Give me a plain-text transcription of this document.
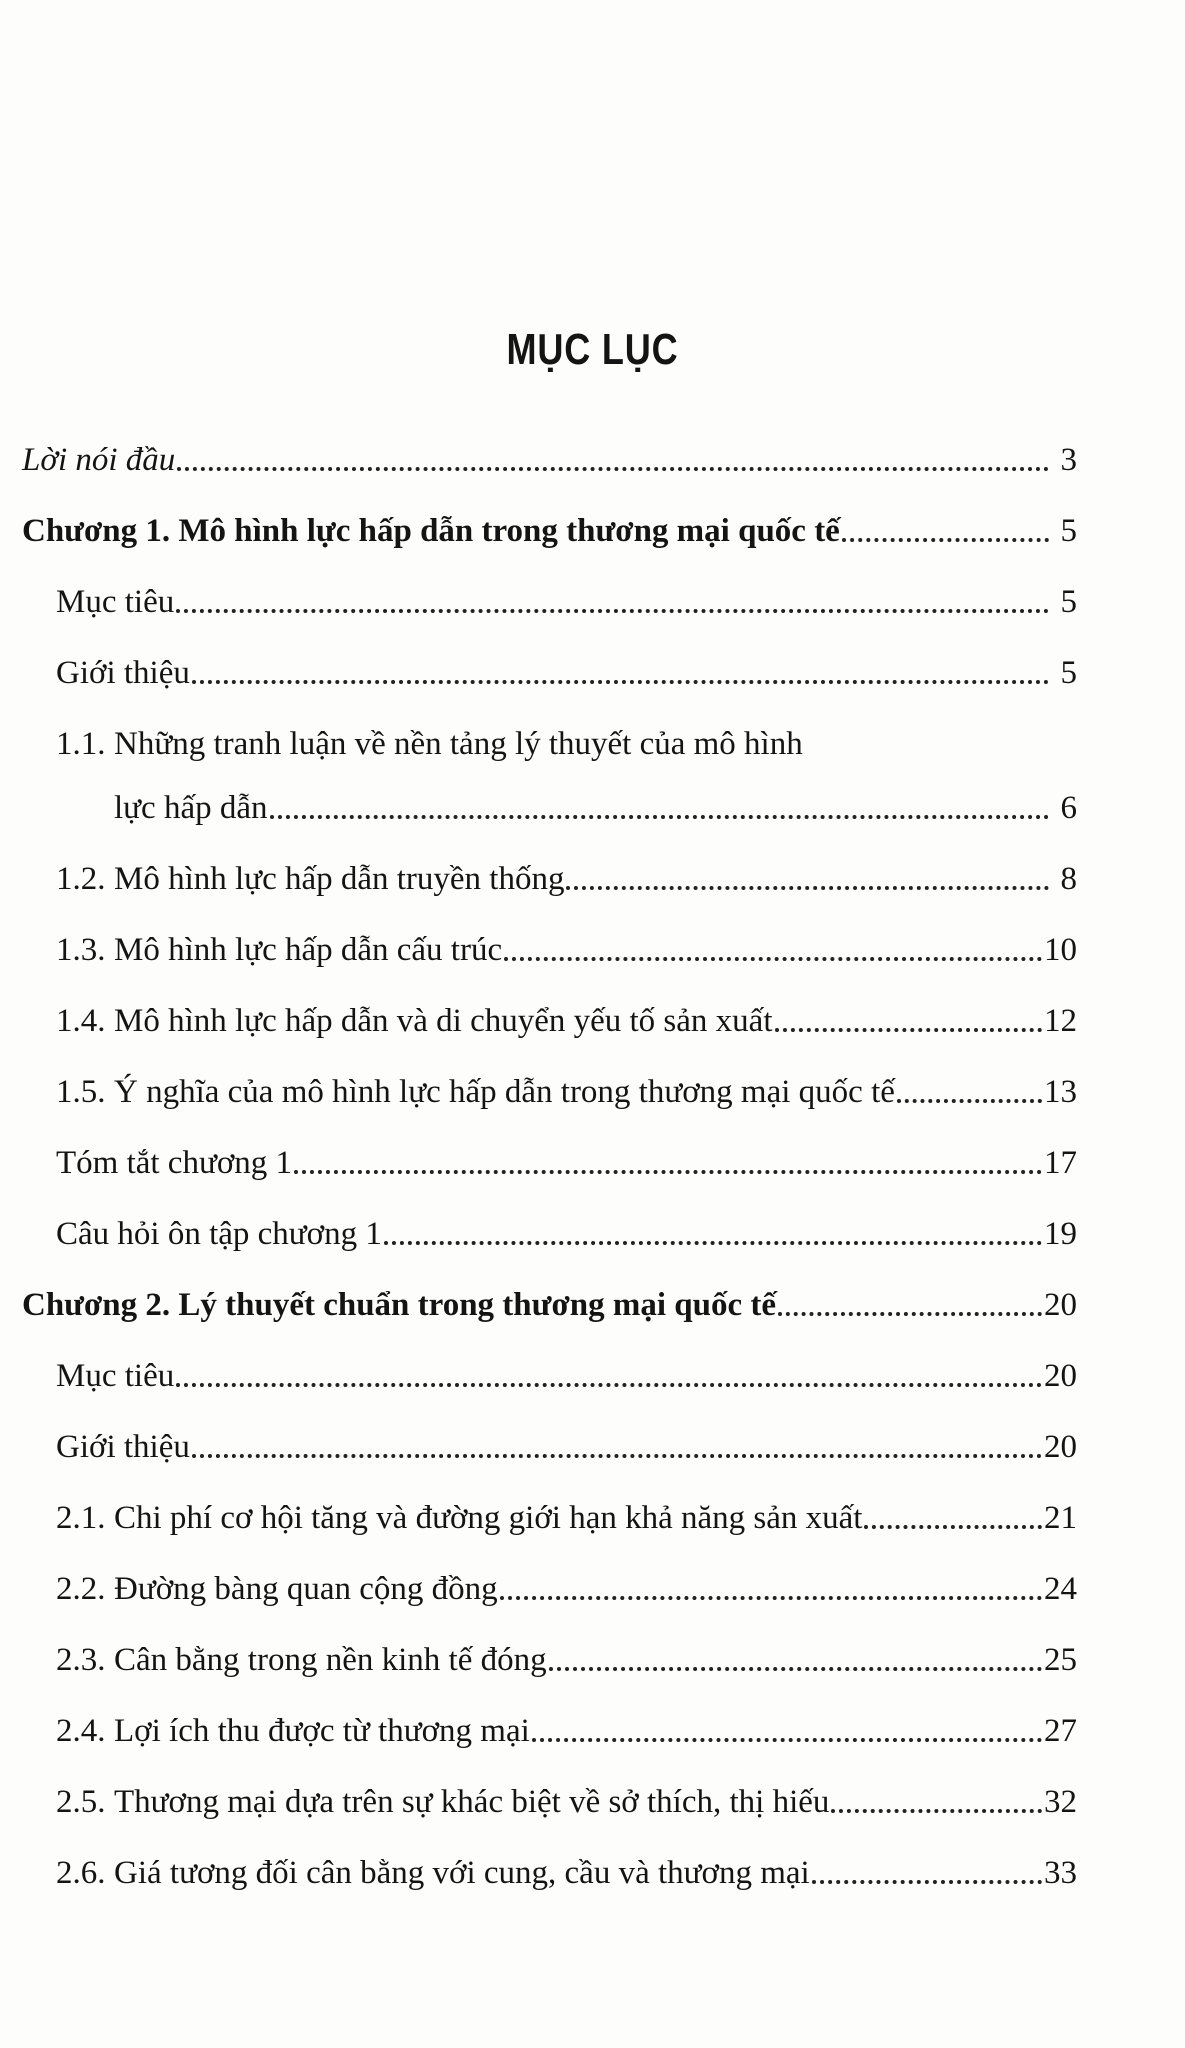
MỤC LỤC
Lời nói đầu	3
Chương 1. Mô hình lực hấp dẫn trong thương mại quốc tế	5
Mục tiêu	5
Giới thiệu	5
1.1. Những tranh luận về nền tảng lý thuyết của mô hình
lực hấp dẫn	6
1.2. Mô hình lực hấp dẫn truyền thống	8
1.3. Mô hình lực hấp dẫn cấu trúc	10
1.4. Mô hình lực hấp dẫn và di chuyển yếu tố sản xuất	12
1.5. Ý nghĩa của mô hình lực hấp dẫn trong thương mại quốc tế	13
Tóm tắt chương 1	17
Câu hỏi ôn tập chương 1	19
Chương 2. Lý thuyết chuẩn trong thương mại quốc tế	20
Mục tiêu	20
Giới thiệu	20
2.1. Chi phí cơ hội tăng và đường giới hạn khả năng sản xuất	21
2.2. Đường bàng quan cộng đồng	24
2.3. Cân bằng trong nền kinh tế đóng	25
2.4. Lợi ích thu được từ thương mại	27
2.5. Thương mại dựa trên sự khác biệt về sở thích, thị hiếu	32
2.6. Giá tương đối cân bằng với cung, cầu và thương mại	33
